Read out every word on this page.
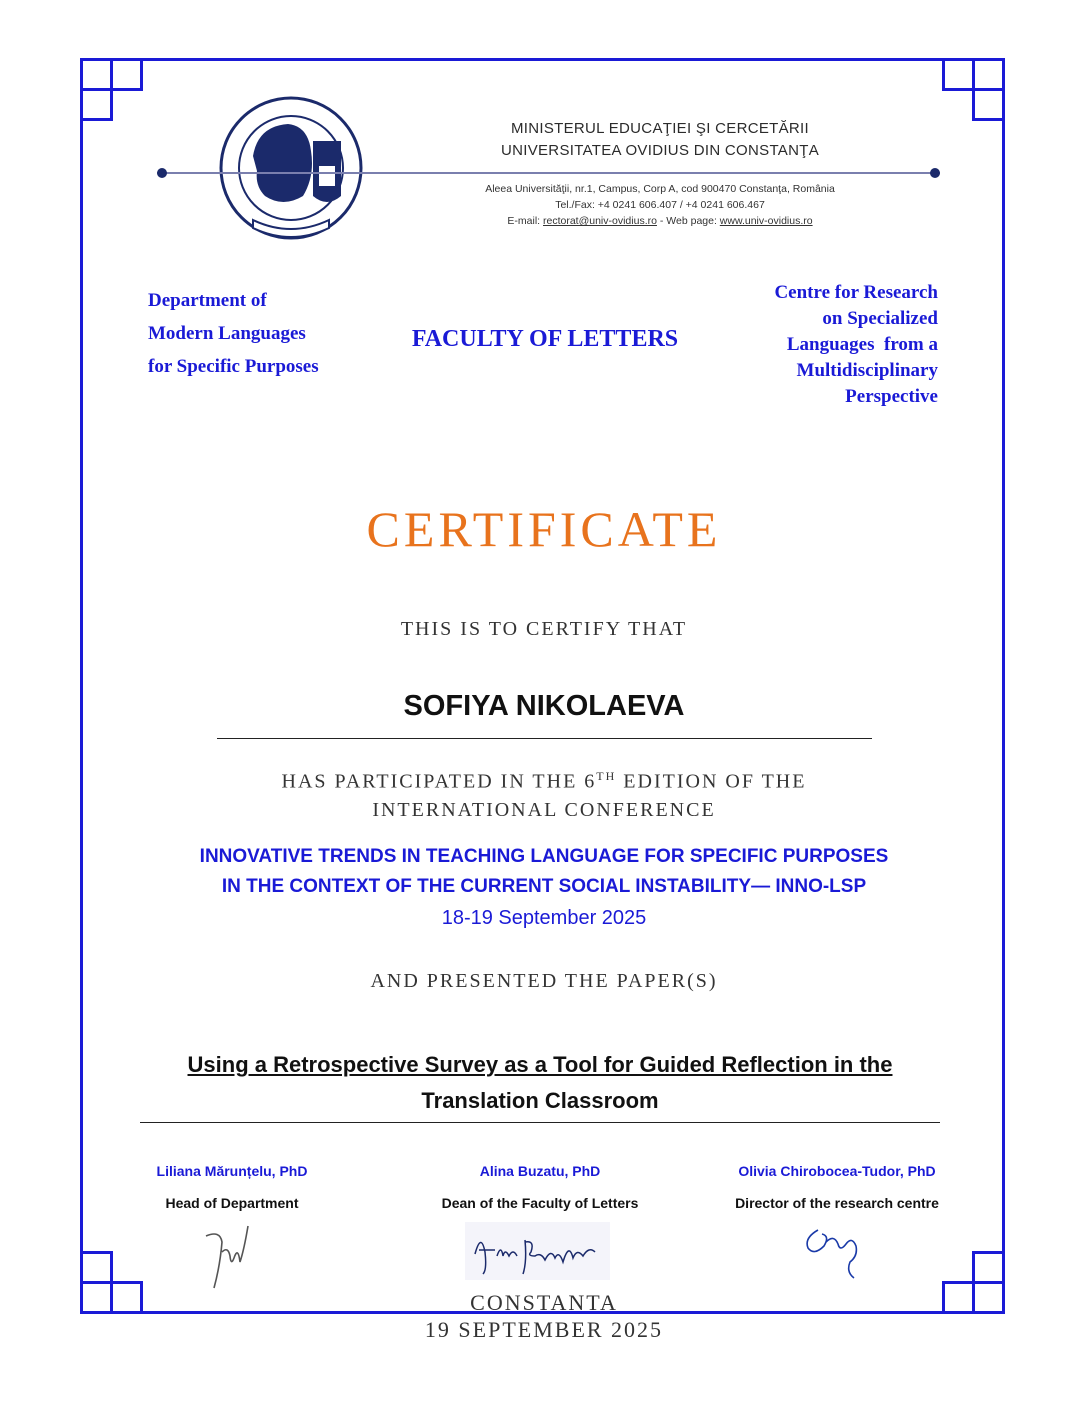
MINISTERUL EDUCAŢIEI ŞI CERCETĂRII
UNIVERSITATEA OVIDIUS DIN CONSTANŢA
Aleea Universităţii, nr.1, Campus, Corp A, cod 900470 Constanţa, România
Tel./Fax: +4 0241 606.407 / +4 0241 606.467
E-mail: rectorat@univ-ovidius.ro - Web page: www.univ-ovidius.ro
Department of
Modern Languages
for Specific Purposes
FACULTY OF LETTERS
Centre for Research
on Specialized
Languages  from a
Multidisciplinary
Perspective
CERTIFICATE
THIS IS TO CERTIFY THAT
SOFIYA NIKOLAEVA
HAS PARTICIPATED IN THE 6TH EDITION OF THE
INTERNATIONAL CONFERENCE
INNOVATIVE TRENDS IN TEACHING LANGUAGE FOR SPECIFIC PURPOSES
IN THE CONTEXT OF THE CURRENT SOCIAL INSTABILITY— INNO-LSP
18-19 September 2025
AND PRESENTED THE PAPER(S)
Using a Retrospective Survey as a Tool for Guided Reflection in the
Translation Classroom
Liliana Mărunțelu, PhD
Head of Department
Alina Buzatu, PhD
Dean of the Faculty of Letters
Olivia Chirobocea-Tudor, PhD
Director of the research centre
CONSTANTA
19 SEPTEMBER 2025
